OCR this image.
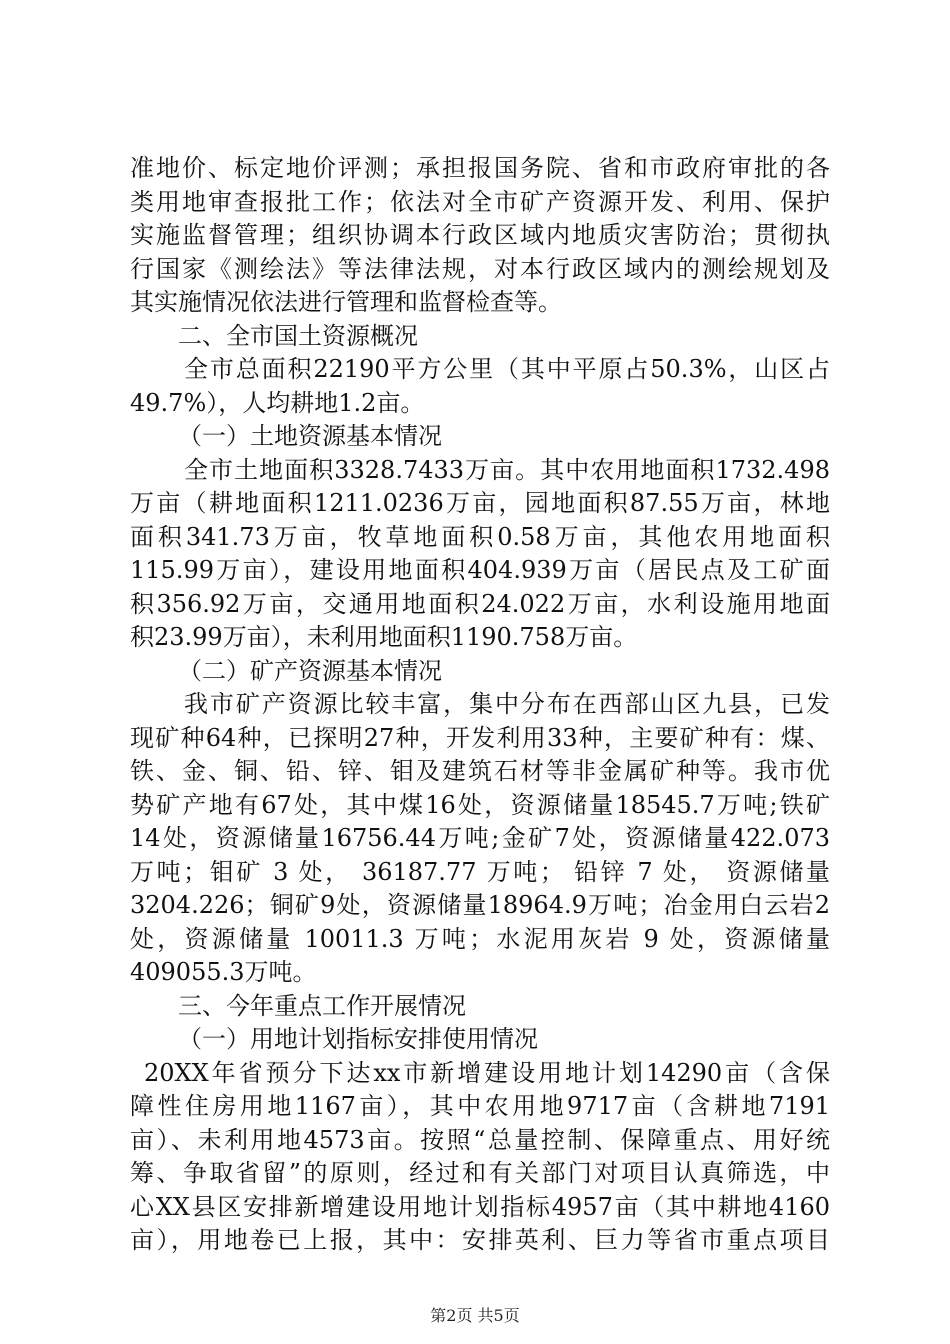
准地价、标定地价评测；承担报国务院、省和市政府审批的各
类用地审查报批工作；依法对全市矿产资源开发、利用、保护
实施监督管理；组织协调本行政区域内地质灾害防治；贯彻执
行国家《测绘法》等法律法规，对本行政区域内的测绘规划及
其实施情况依法进行管理和监督检查等。
二、全市国土资源概况
全市总面积22190平方公里（其中平原占50.3%，山区占
49.7%），人均耕地1.2亩。
（一）土地资源基本情况
全市土地面积3328.7433万亩。其中农用地面积1732.498
万亩（耕地面积1211.0236万亩，园地面积87.55万亩，林地
面积341.73万亩，牧草地面积0.58万亩，其他农用地面积
115.99万亩），建设用地面积404.939万亩（居民点及工矿面
积356.92万亩，交通用地面积24.022万亩，水利设施用地面
积23.99万亩），未利用地面积1190.758万亩。
（二）矿产资源基本情况
我市矿产资源比较丰富，集中分布在西部山区九县，已发
现矿种64种，已探明27种，开发利用33种，主要矿种有：煤、
铁、金、铜、铅、锌、钼及建筑石材等非金属矿种等。我市优
势矿产地有67处，其中煤16处，资源储量18545.7万吨;铁矿
14处，资源储量16756.44万吨;金矿7处，资源储量422.073
万吨；钼矿 3 处， 36187.77 万吨； 铅锌 7 处， 资源储量
3204.226；铜矿9处，资源储量18964.9万吨；冶金用白云岩2
处，资源储量 10011.3 万吨；水泥用灰岩 9 处，资源储量
409055.3万吨。
三、今年重点工作开展情况
（一）用地计划指标安排使用情况
20XX年省预分下达xx市新增建设用地计划14290亩（含保
障性住房用地1167亩），其中农用地9717亩（含耕地7191
亩）、未利用地4573亩。按照“总量控制、保障重点、用好统
筹、争取省留”的原则，经过和有关部门对项目认真筛选，中
心XX县区安排新增建设用地计划指标4957亩（其中耕地4160
亩），用地卷已上报，其中：安排英利、巨力等省市重点项目
第2页 共5页
